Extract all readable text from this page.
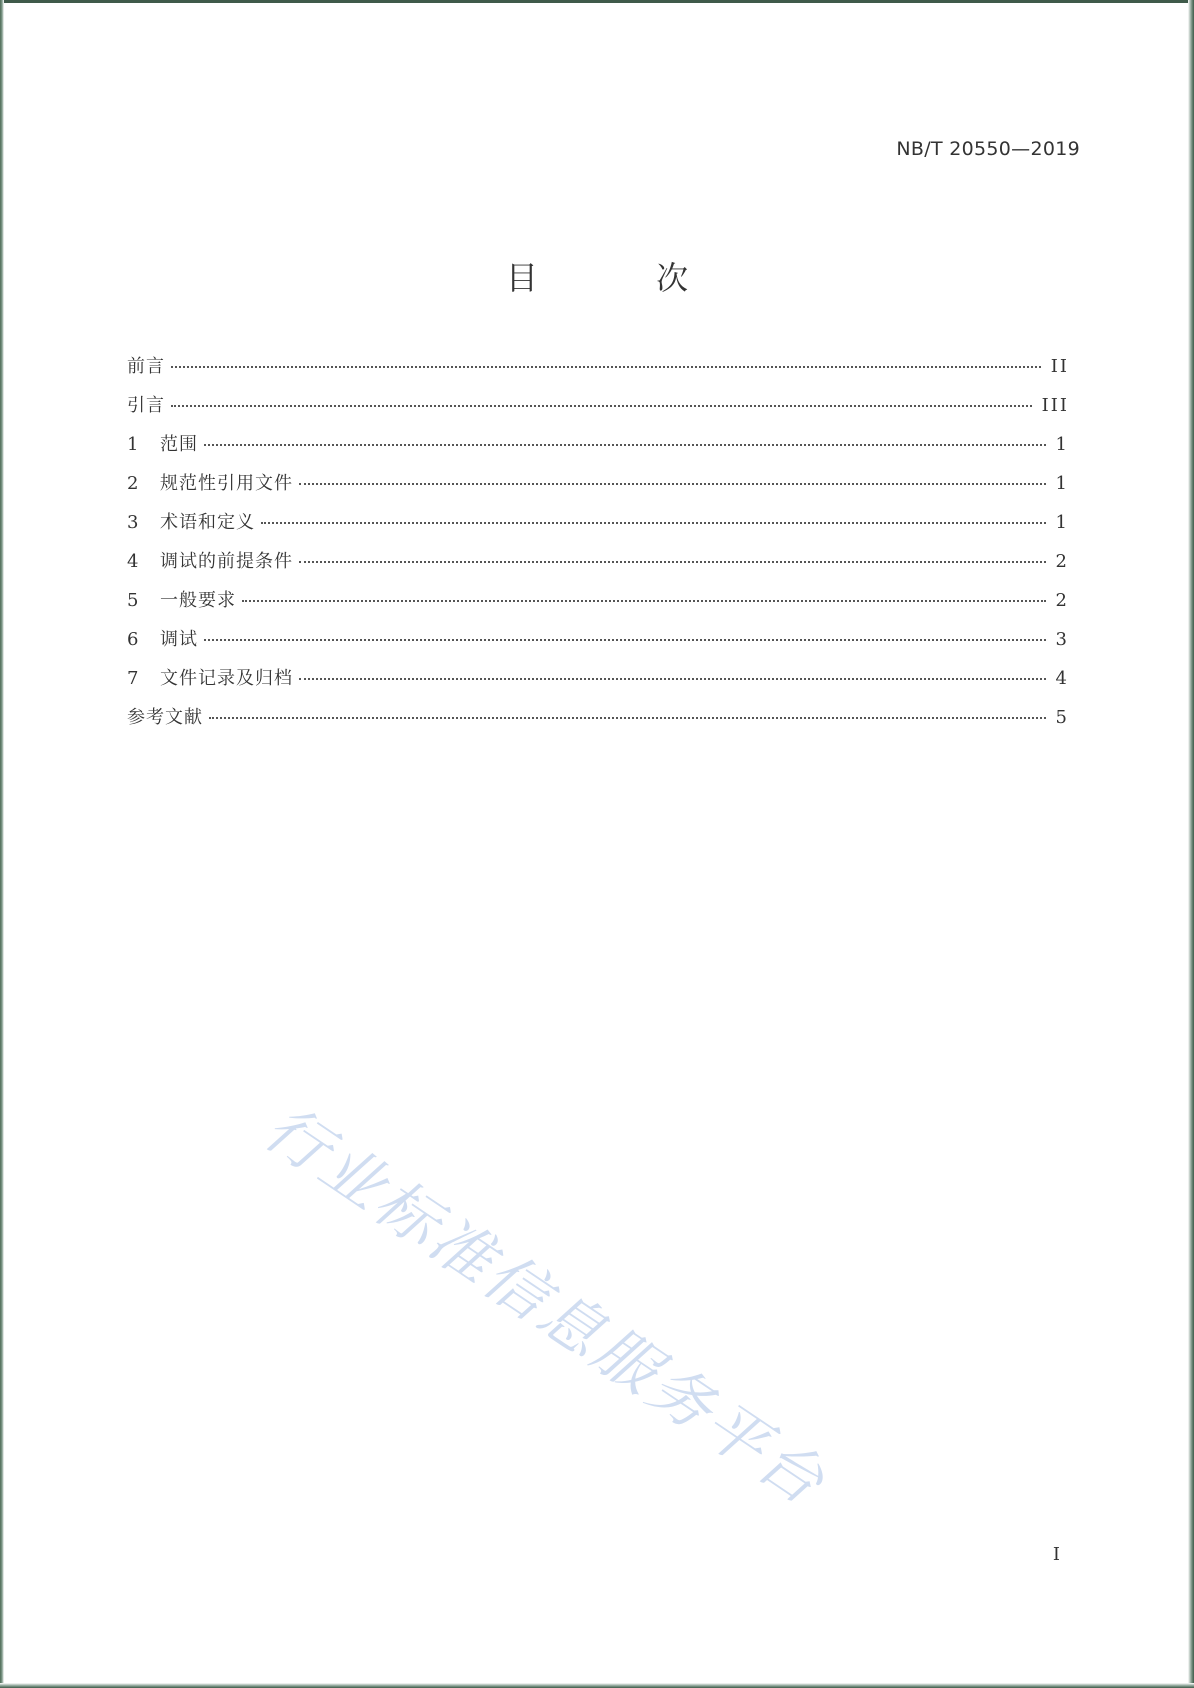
NB/T 20550—2019
目 次
前言	II
引言	III
1	范围	1
2	规范性引用文件	1
3	术语和定义	1
4	调试的前提条件	2
5	一般要求	2
6	调试	3
7	文件记录及归档	4
参考文献	5
行业标准信息服务平台
I
